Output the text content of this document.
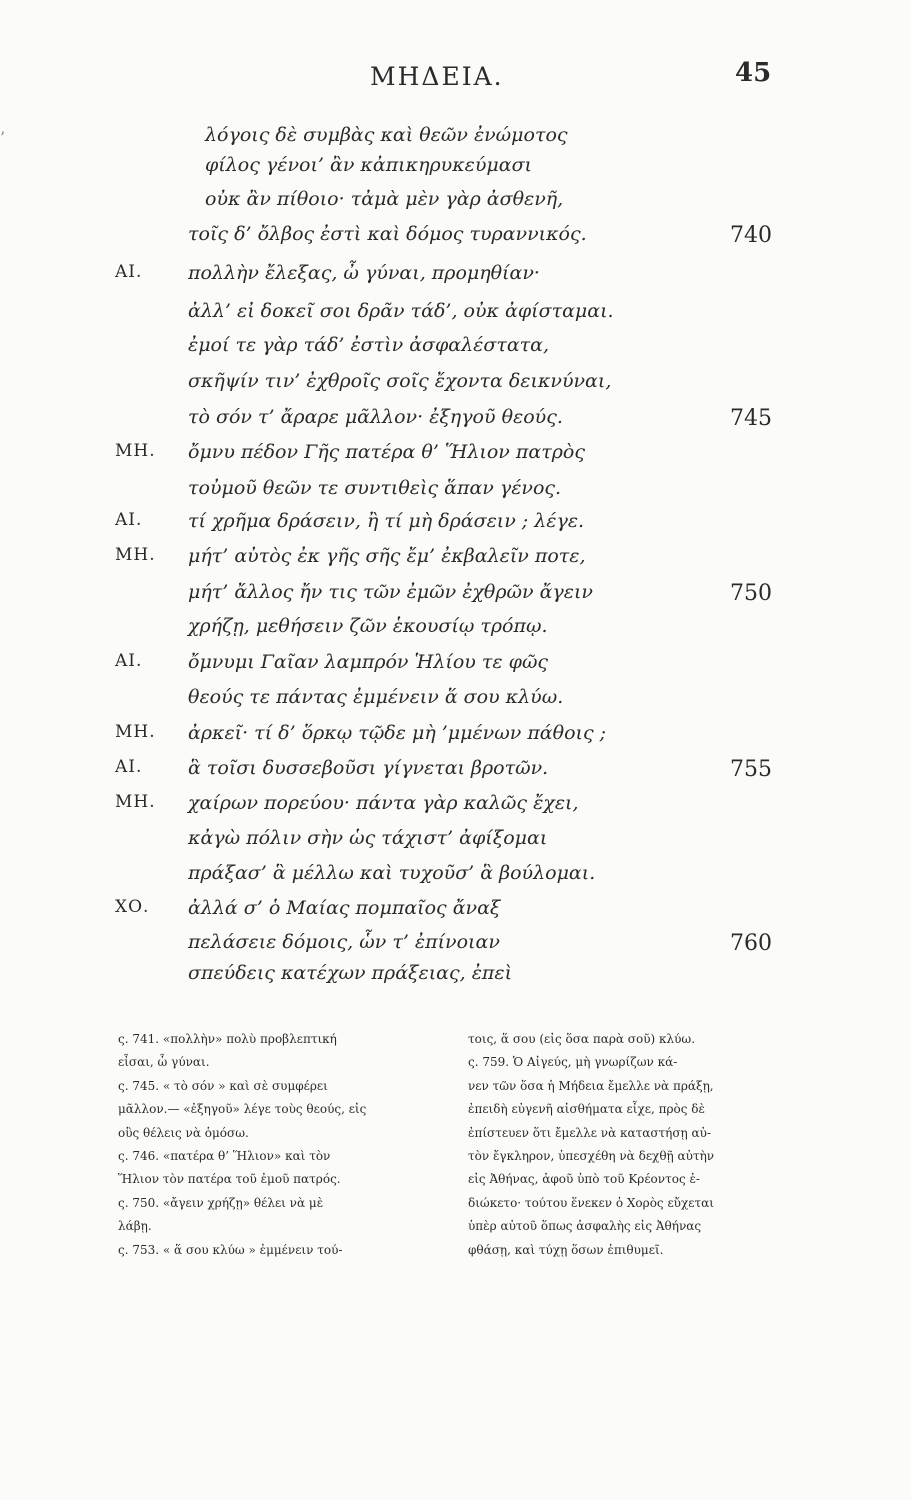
ΜΗΔΕΙΑ.	45
’	λόγοις δὲ συμβὰς καὶ θεῶν ἐνώμοτος
φίλος γένοι’ ἂν κἀπικηρυκεύμασι
οὐκ ἂν πίθοιο· τἀμὰ μὲν γὰρ ἀσθενῆ,
τοῖς δ’ ὄλβος ἐστὶ καὶ δόμος τυραννικός.	740
ΑΙ. πολλὴν ἔλεξας, ὦ γύναι, προμηθίαν·
ἀλλ’ εἰ δοκεῖ σοι δρᾶν τάδ’, οὐκ ἀφίσταμαι.
ἐμοί τε γὰρ τάδ’ ἐστὶν ἀσφαλέστατα,
σκῆψίν τιν’ ἐχθροῖς σοῖς ἔχοντα δεικνύναι,
τὸ σόν τ’ ἄραρε μᾶλλον· ἐξηγοῦ θεούς.	745
ΜΗ. ὄμνυ πέδον Γῆς πατέρα θ’ Ἥλιον πατρὸς
τοὐμοῦ θεῶν τε συντιθεὶς ἅπαν γένος.
ΑΙ. τί χρῆμα δράσειν, ἢ τί μὴ δράσειν ; λέγε.
ΜΗ. μήτ’ αὐτὸς ἐκ γῆς σῆς ἔμ’ ἐκβαλεῖν ποτε,
μήτ’ ἄλλος ἤν τις τῶν ἐμῶν ἐχθρῶν ἄγειν	750
χρήζῃ, μεθήσειν ζῶν ἑκουσίῳ τρόπῳ.
ΑΙ. ὄμνυμι Γαῖαν λαμπρόν Ἡλίου τε φῶς
θεούς τε πάντας ἐμμένειν ἅ σου κλύω.
ΜΗ. ἀρκεῖ· τί δ’ ὅρκῳ τῷδε μὴ ’μμένων πάθοις ;
ΑΙ. ἃ τοῖσι δυσσεβοῦσι γίγνεται βροτῶν.	755
ΜΗ. χαίρων πορεύου· πάντα γὰρ καλῶς ἔχει,
κἀγὼ πόλιν σὴν ὡς τάχιστ’ ἀφίξομαι
πράξασ’ ἃ μέλλω καὶ τυχοῦσ’ ἃ βούλομαι.
ΧΟ. ἀλλά σ’ ὁ Μαίας πομπαῖος ἄναξ
πελάσειε δόμοις, ὧν τ’ ἐπίνοιαν	760
σπεύδεις κατέχων πράξειας, ἐπεὶ
ς. 741. «πολλὴν» πολὺ προβλεπτική
εἶσαι, ὦ γύναι.
ς. 745. « τὸ σόν » καὶ σὲ συμφέρει
μᾶλλον.— «ἐξηγοῦ» λέγε τοὺς θεούς, εἰς
οὓς θέλεις νὰ ὁμόσω.
ς. 746. «πατέρα θ’ Ἥλιον» καὶ τὸν
Ἥλιον τὸν πατέρα τοῦ ἐμοῦ πατρός.
ς. 750. «ἄγειν χρήζῃ» θέλει νὰ μὲ
λάβῃ.
ς. 753. « ἅ σου κλύω » ἐμμένειν τού-
τοις, ἅ σου (εἰς ὅσα παρὰ σοῦ) κλύω.
ς. 759. Ὁ Αἰγεύς, μὴ γνωρίζων κά-
νεν τῶν ὅσα ἡ Μήδεια ἔμελλε νὰ πράξῃ,
ἐπειδὴ εὐγενῆ αἰσθήματα εἶχε, πρὸς δὲ
ἐπίστευεν ὅτι ἔμελλε νὰ καταστήσῃ αὐ-
τὸν ἔγκληρον, ὑπεσχέθη νὰ δεχθῇ αὐτὴν
εἰς Ἀθήνας, ἀφοῦ ὑπὸ τοῦ Κρέοντος ἐ-
διώκετο· τούτου ἕνεκεν ὁ Χορὸς εὔχεται
ὑπὲρ αὐτοῦ ὅπως ἀσφαλὴς εἰς Ἀθήνας
φθάσῃ, καὶ τύχῃ ὅσων ἐπιθυμεῖ.
